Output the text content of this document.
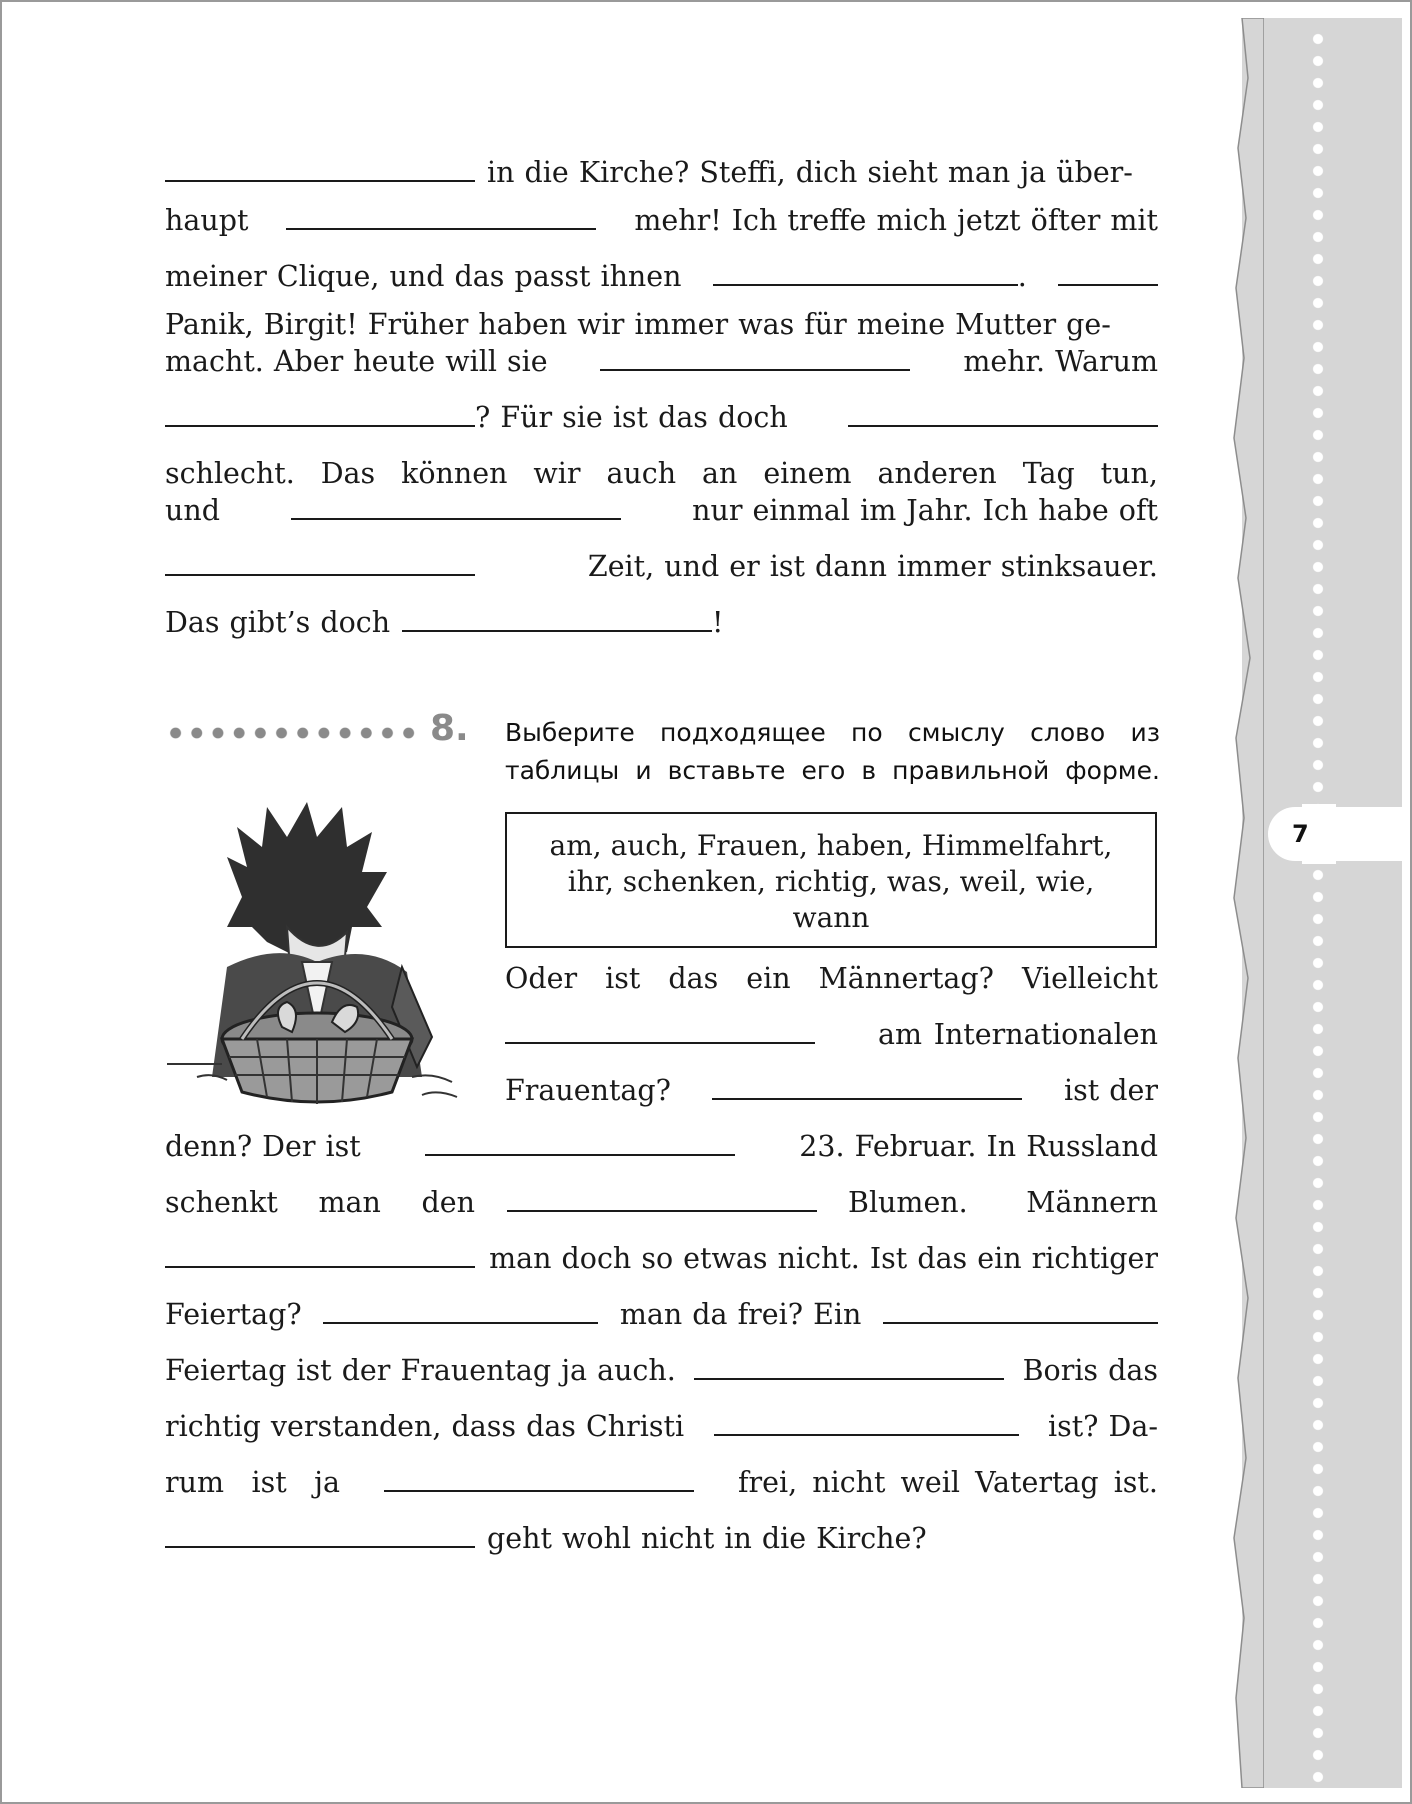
7
in die Kirche? Steffi, dich sieht man ja über-
haupt	mehr! Ich treffe mich jetzt öfter mit
meiner Clique, und das passt ihnen	.
Panik, Birgit! Früher haben wir immer was für meine Mutter ge-
macht. Aber heute will sie	mehr. Warum
? Für sie ist das doch
schlecht. Das können wir auch an einem anderen Tag tun,
und	nur einmal im Jahr. Ich habe oft
Zeit, und er ist dann immer stinksauer.
Das gibt’s doch	!
8. Выберите подходящее по смыслу слово из таблицы и вставьте его в правильной форме.
am, auch, Frauen, haben, Himmelfahrt,
ihr, schenken, richtig, was, weil, wie,
wann
Oder ist das ein Männertag? Vielleicht
am Internationalen
Frauentag?	ist der
denn? Der ist	23. Februar. In Russland
schenkt man den	Blumen. Männern
man doch so etwas nicht. Ist das ein richtiger
Feiertag?	man da frei? Ein
Feiertag ist der Frauentag ja auch.	Boris das
richtig verstanden, dass das Christi	ist? Da-
rum ist ja	frei, nicht weil Vatertag ist.
geht wohl nicht in die Kirche?
